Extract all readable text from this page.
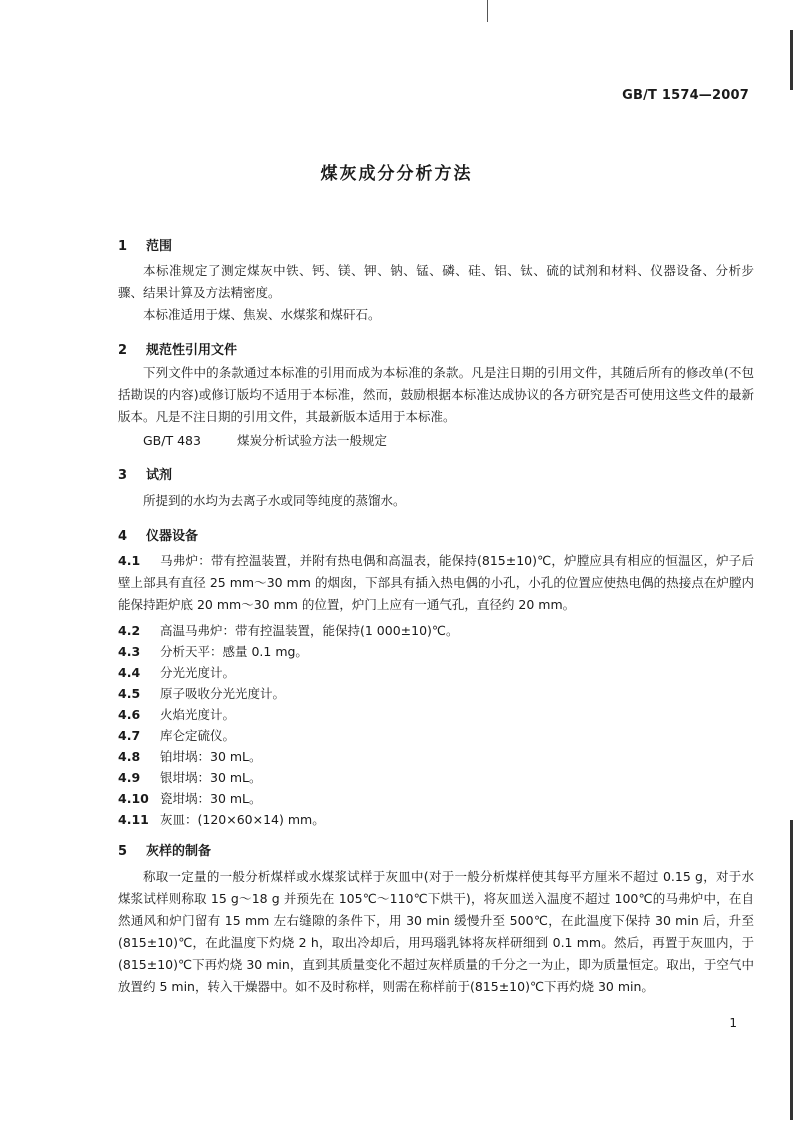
GB/T 1574—2007
煤灰成分分析方法
1 范围
本标准规定了测定煤灰中铁、钙、镁、钾、钠、锰、磷、硅、铝、钛、硫的试剂和材料、仪器设备、分析步骤、结果计算及方法精密度。
本标准适用于煤、焦炭、水煤浆和煤矸石。
2 规范性引用文件
下列文件中的条款通过本标准的引用而成为本标准的条款。凡是注日期的引用文件，其随后所有的修改单(不包括勘误的内容)或修订版均不适用于本标准，然而，鼓励根据本标准达成协议的各方研究是否可使用这些文件的最新版本。凡是不注日期的引用文件，其最新版本适用于本标准。
GB/T 483	煤炭分析试验方法一般规定
3 试剂
所提到的水均为去离子水或同等纯度的蒸馏水。
4 仪器设备
4.1 马弗炉：带有控温装置，并附有热电偶和高温表，能保持(815±10)℃，炉膛应具有相应的恒温区，炉子后壁上部具有直径 25 mm～30 mm 的烟囱，下部具有插入热电偶的小孔，小孔的位置应使热电偶的热接点在炉膛内能保持距炉底 20 mm～30 mm 的位置，炉门上应有一通气孔，直径约 20 mm。
4.2 高温马弗炉：带有控温装置，能保持(1 000±10)℃。
4.3 分析天平：感量 0.1 mg。
4.4 分光光度计。
4.5 原子吸收分光光度计。
4.6 火焰光度计。
4.7 库仑定硫仪。
4.8 铂坩埚：30 mL。
4.9 银坩埚：30 mL。
4.10 瓷坩埚：30 mL。
4.11 灰皿：(120×60×14) mm。
5 灰样的制备
称取一定量的一般分析煤样或水煤浆试样于灰皿中(对于一般分析煤样使其每平方厘米不超过 0.15 g，对于水煤浆试样则称取 15 g～18 g 并预先在 105℃～110℃下烘干)，将灰皿送入温度不超过 100℃的马弗炉中，在自然通风和炉门留有 15 mm 左右缝隙的条件下，用 30 min 缓慢升至 500℃，在此温度下保持 30 min 后，升至(815±10)℃，在此温度下灼烧 2 h，取出冷却后，用玛瑙乳钵将灰样研细到 0.1 mm。然后，再置于灰皿内，于(815±10)℃下再灼烧 30 min，直到其质量变化不超过灰样质量的千分之一为止，即为质量恒定。取出，于空气中放置约 5 min，转入干燥器中。如不及时称样，则需在称样前于(815±10)℃下再灼烧 30 min。
1
